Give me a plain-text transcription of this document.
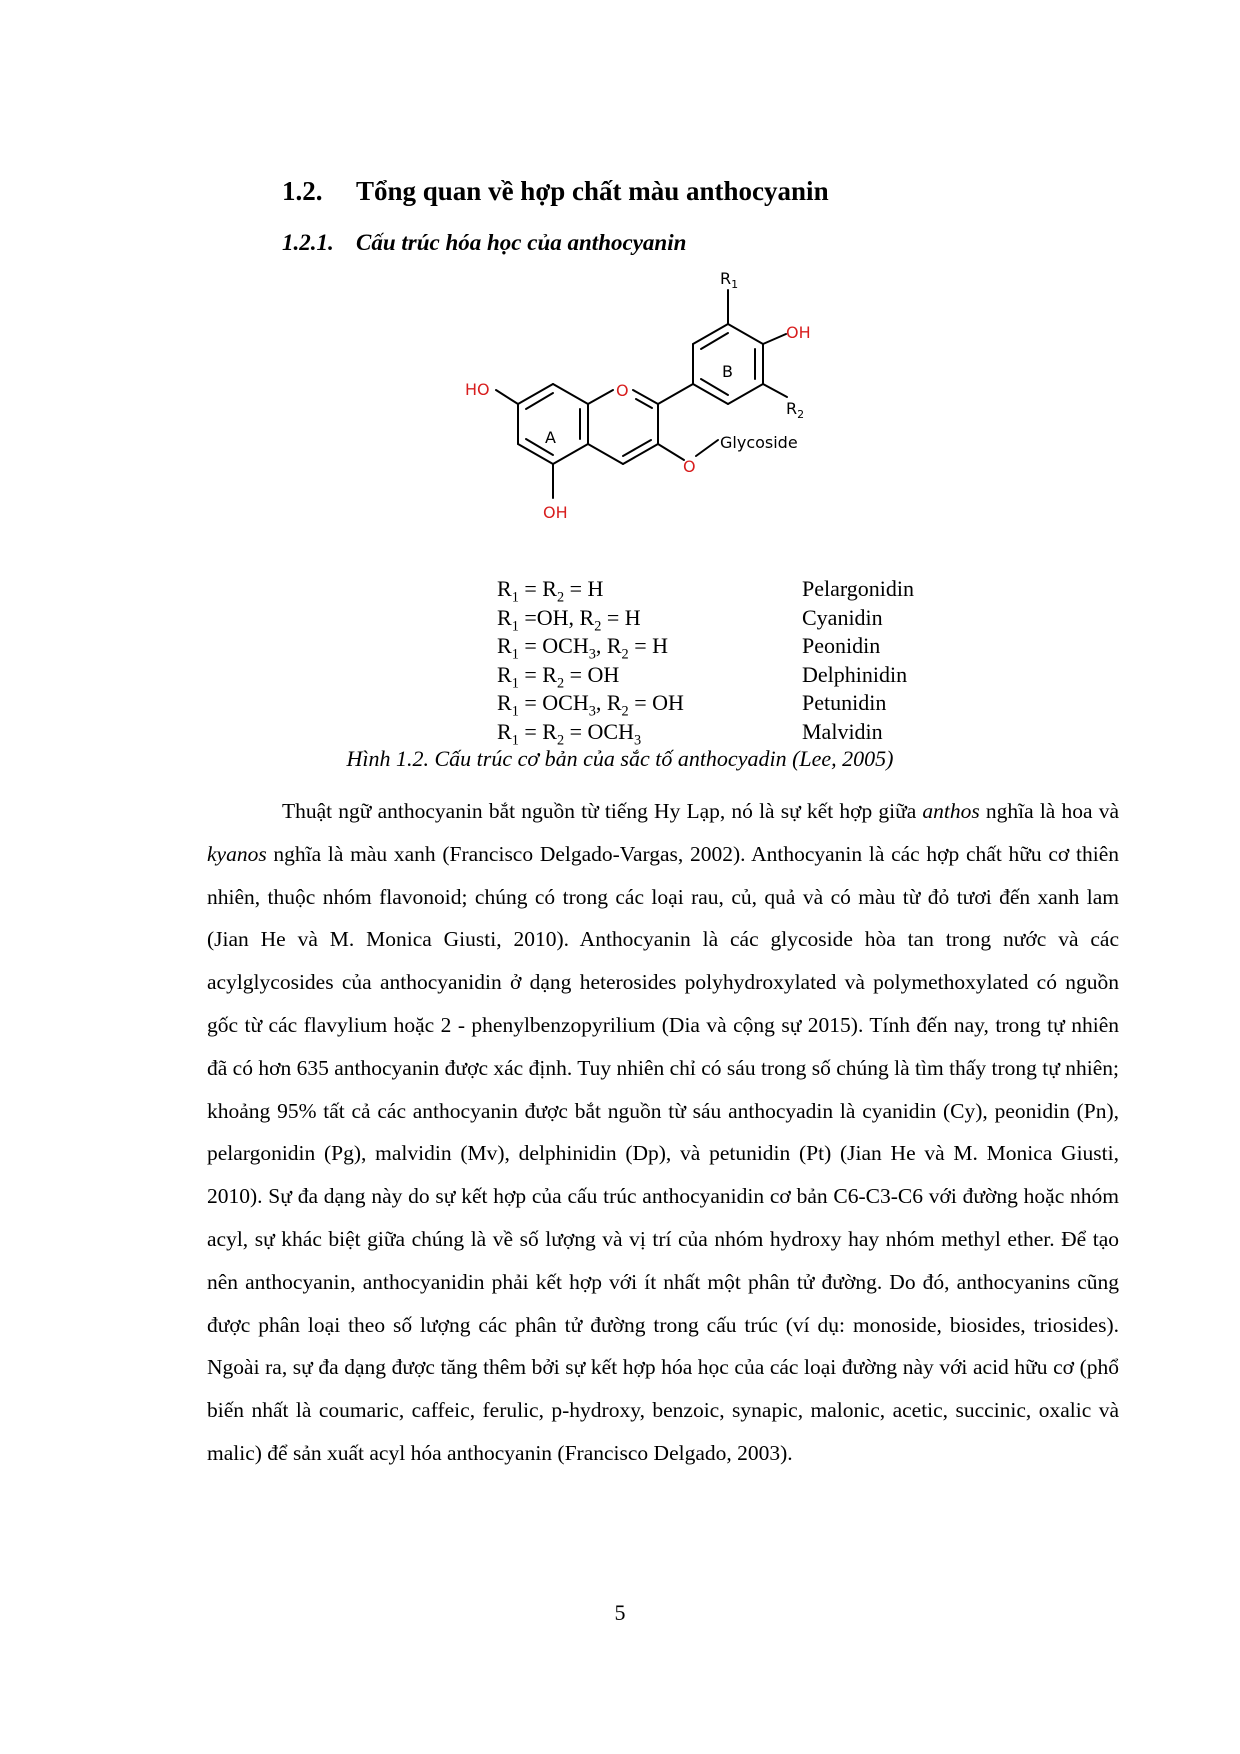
1.2. Tổng quan về hợp chất màu anthocyanin
1.2.1. Cấu trúc hóa học của anthocyanin
$R_1$
OH
B
$R_2$
HO	O
A
O
Glycoside
OH
$R_1 = R_2 = H$	Pelargonidin
$R_1 =OH$, $R_2 = H$	Cyanidin
$R_1 = OCH_3$, $R_2 = H$	Peonidin
$R_1 = R_2$ = OH	Delphinidin
$R_1 = OCH_3$, $R_2$ = OH	Petunidin
$R_1 = R_2 = OCH_3$	Malvidin
Hình 1.2. Cấu trúc cơ bản của sắc tố anthocyadin (Lee, 2005)

Thuật ngữ anthocyanin bắt nguồn từ tiếng Hy Lạp, nó là sự kết hợp giữa anthos nghĩa là hoa và kyanos nghĩa là màu xanh (Francisco Delgado-Vargas, 2002). Anthocyanin là các hợp chất hữu cơ thiên nhiên, thuộc nhóm flavonoid; chúng có trong các loại rau, củ, quả và có màu từ đỏ tươi đến xanh lam (Jian He và M. Monica Giusti, 2010). Anthocyanin là các glycoside hòa tan trong nước và các acylglycosides của anthocyanidin ở dạng heterosides polyhydroxylated và polymethoxylated có nguồn gốc từ các flavylium hoặc 2 - phenylbenzopyrilium (Dia và cộng sự 2015). Tính đến nay, trong tự nhiên đã có hơn 635 anthocyanin được xác định. Tuy nhiên chỉ có sáu trong số chúng là tìm thấy trong tự nhiên; khoảng 95% tất cả các anthocyanin được bắt nguồn từ sáu anthocyadin là cyanidin (Cy), peonidin (Pn), pelargonidin (Pg), malvidin (Mv), delphinidin (Dp), và petunidin (Pt) (Jian He và M. Monica Giusti, 2010). Sự đa dạng này do sự kết hợp của cấu trúc anthocyanidin cơ bản C6-C3-C6 với đường hoặc nhóm acyl, sự khác biệt giữa chúng là về số lượng và vị trí của nhóm hydroxy hay nhóm methyl ether. Để tạo nên anthocyanin, anthocyanidin phải kết hợp với ít nhất một phân tử đường. Do đó, anthocyanins cũng được phân loại theo số lượng các phân tử đường trong cấu trúc (ví dụ: monoside, biosides, triosides). Ngoài ra, sự đa dạng được tăng thêm bởi sự kết hợp hóa học của các loại đường này với acid hữu cơ (phổ biến nhất là coumaric, caffeic, ferulic, p-hydroxy, benzoic, synapic, malonic, acetic, succinic, oxalic và malic) để sản xuất acyl hóa anthocyanin (Francisco Delgado, 2003).

5
